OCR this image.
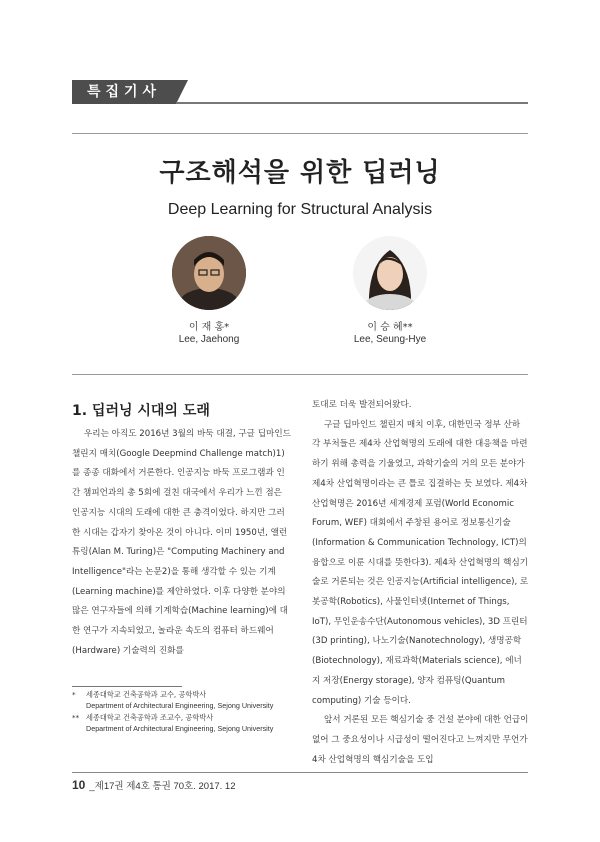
특집기사
구조해석을 위한 딥러닝
Deep Learning for Structural Analysis
이 재 홍*
Lee, Jaehong
이 승 혜**
Lee, Seung-Hye
1. 딥러닝 시대의 도래

우리는 아직도 2016년 3월의 바둑 대결, 구글 딥마인드 챌린지 매치(Google Deepmind Challenge match)1)를 종종 대화에서 거론한다. 인공지능 바둑 프로그램과 인간 챔피언과의 총 5회에 걸친 대국에서 우리가 느낀 점은 인공지능 시대의 도래에 대한 큰 충격이었다. 하지만 그러한 시대는 갑자기 찾아온 것이 아니다. 이미 1950년, 앨런 튜링(Alan M. Turing)은 "Computing Machinery and Intelligence"라는 논문2)을 통해 생각할 수 있는 기계(Learning machine)를 제안하였다. 이후 다양한 분야의 많은 연구자들에 의해 기계학습(Machine learning)에 대한 연구가 지속되었고, 놀라운 속도의 컴퓨터 하드웨어(Hardware) 기술력의 진화를

*	세종대학교 건축공학과 교수, 공학박사
Department of Architectural Engineering, Sejong University
** 세종대학교 건축공학과 조교수, 공학박사
Department of Architectural Engineering, Sejong University

토대로 더욱 발전되어왔다.

구글 딥마인드 챌린지 매치 이후, 대한민국 정부 산하 각 부처들은 제4차 산업혁명의 도래에 대한 대응책을 마련하기 위해 총력을 기울였고, 과학기술의 거의 모든 분야가 제4차 산업혁명이라는 큰 틀로 집결하는 듯 보였다. 제4차 산업혁명은 2016년 세계경제 포럼(World Economic Forum, WEF) 대회에서 주창된 용어로 정보통신기술(Information & Communication Technology, ICT)의 융합으로 이룬 시대를 뜻한다3). 제4차 산업혁명의 핵심기술로 거론되는 것은 인공지능(Artificial intelligence), 로봇공학(Robotics), 사물인터넷(Internet of Things, IoT), 무인운송수단(Autonomous vehicles), 3D 프린터(3D printing), 나노기술(Nanotechnology), 생명공학(Biotechnology), 재료과학(Materials science), 에너지 저장(Energy storage), 양자 컴퓨팅(Quantum computing) 기술 등이다.

앞서 거론된 모든 핵심기술 중 건설 분야에 대한 언급이 없어 그 중요성이나 시급성이 떨어진다고 느껴지만 무언가 4차 산업혁명의 핵심기술을 도입

10 _제17권 제4호 통권 70호. 2017. 12
